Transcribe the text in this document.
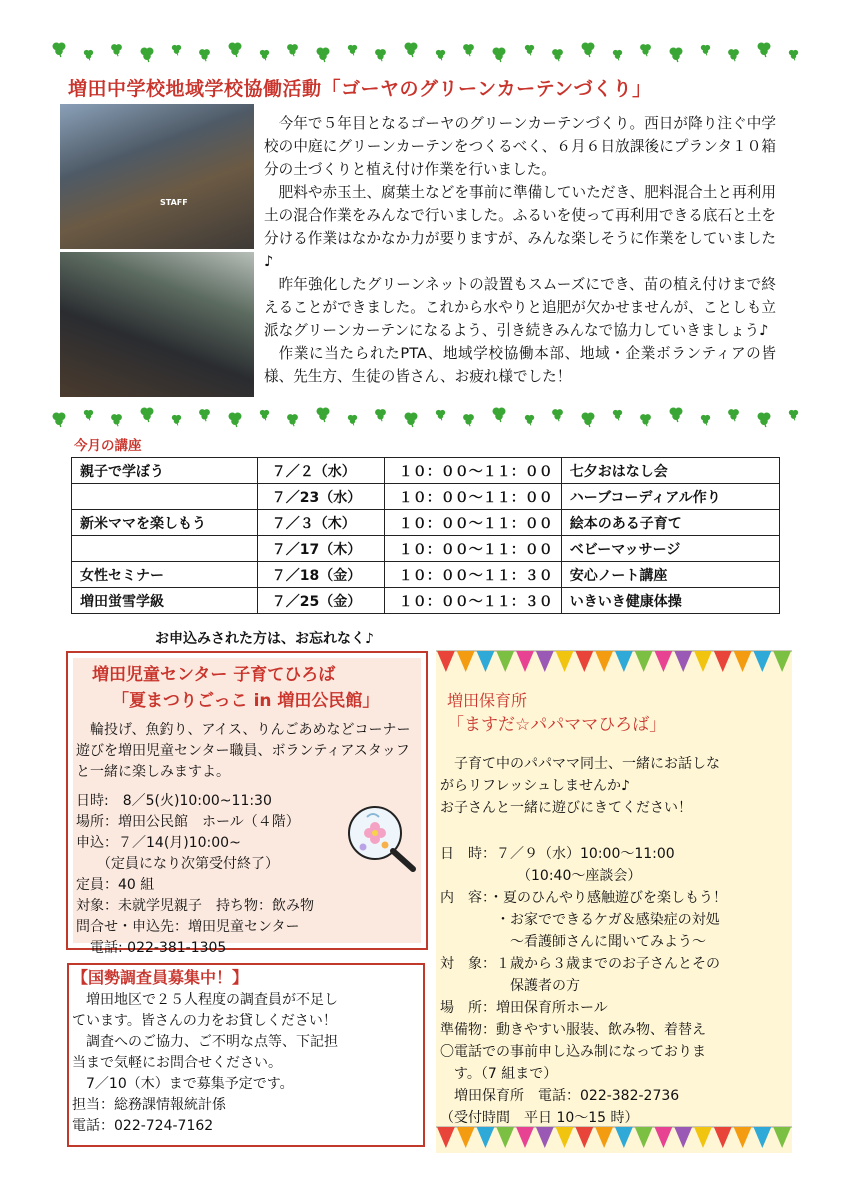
増田中学校地域学校協働活動「ゴーヤのグリーンカーテンづくり」
STAFF

今年で５年目となるゴーヤのグリーンカーテンづくり。西日が降り注ぐ中学校の中庭にグリーンカーテンをつくるべく、６月６日放課後にプランタ１０箱分の土づくりと植え付け作業を行いました。

肥料や赤玉土、腐葉土などを事前に準備していただき、肥料混合土と再利用土の混合作業をみんなで行いました。ふるいを使って再利用できる底石と土を分ける作業はなかなか力が要りますが、みんな楽しそうに作業をしていました♪

昨年強化したグリーンネットの設置もスムーズにでき、苗の植え付けまで終えることができました。これから水やりと追肥が欠かせませんが、ことしも立派なグリーンカーテンになるよう、引き続きみんなで協力していきましょう♪

作業に当たられたPTA、地域学校協働本部、地域・企業ボランティアの皆様、先生方、生徒の皆さん、お疲れ様でした！

今月の講座
親子で学ぼう	７／２（水）	１０：００～１１：００	七夕おはなし会
	７／23（水）	１０：００～１１：００	ハーブコーディアル作り
新米ママを楽しもう	７／３（木）	１０：００～１１：００	絵本のある子育て
	７／17（木）	１０：００～１１：００	ベビーマッサージ
女性セミナー	７／18（金）	１０：００～１１：３０	安心ノート講座
増田蛍雪学級	７／25（金）	１０：００～１１：３０	いきいき健康体操
お申込みされた方は、お忘れなく♪
増田児童センター 子育てひろば
「夏まつりごっこ in 増田公民館」

輪投げ、魚釣り、アイス、りんごあめなどコーナー遊びを増田児童センター職員、ボランティアスタッフと一緒に楽しみますよ。

日時:　8／5(火)10:00~11:30
場所：増田公民館　ホール（４階）
申込：７／14(月)10:00~
　　（定員になり次第受付終了）
定員：40 組
対象：未就学児親子　持ち物：飲み物
問合せ・申込先：増田児童センター
　電話: 022-381-1305
【国勢調査員募集中！】
　増田地区で２５人程度の調査員が不足し
ています。皆さんの力をお貸しください！
　調査へのご協力、ご不明な点等、下記担
当まで気軽にお問合せください。
　7／10（木）まで募集予定です。
担当：総務課情報統計係
電話：022-724-7162
増田保育所
「ますだ☆パパママひろば」

　子育て中のパパママ同士、一緒にお話しな

がらリフレッシュしませんか♪

お子さんと一緒に遊びにきてください！

日　時：７／９（水）10:00～11:00
　　　　　　（10:40～座談会）
内　容：・夏のひんやり感触遊びを楽しもう！
　　　　・お家でできるケガ＆感染症の対処
　　　　　～看護師さんに聞いてみよう～
対　象：１歳から３歳までのお子さんとその
　　　　　保護者の方
場　所：増田保育所ホール
準備物：動きやすい服装、飲み物、着替え
〇電話での事前申し込み制になっておりま
　す。（7 組まで）
　増田保育所　電話：022-382-2736
（受付時間　平日 10～15 時）
